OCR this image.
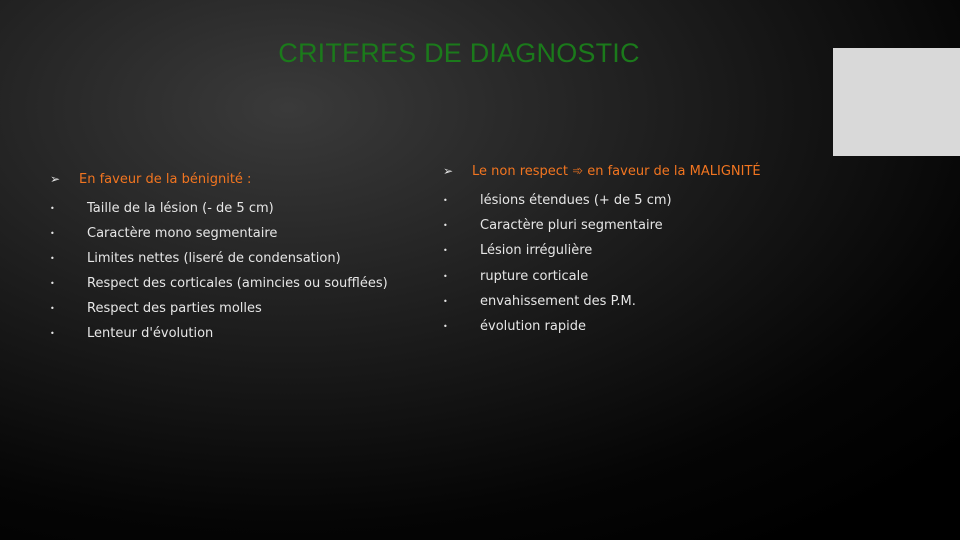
CRITERES DE DIAGNOSTIC
➢ En faveur de la bénignité :
•	Taille de la lésion (- de 5 cm)
•	Caractère mono segmentaire
•	Limites nettes (liseré de condensation)
•	Respect des corticales (amincies ou soufflées)
•	Respect des parties molles
•	Lenteur d'évolution
➢ Le non respect ➾ en faveur de la MALIGNITÉ
•	lésions étendues (+ de 5 cm)
•	Caractère pluri segmentaire
•	Lésion irrégulière
•	rupture corticale
•	envahissement des P.M.
•	évolution rapide
